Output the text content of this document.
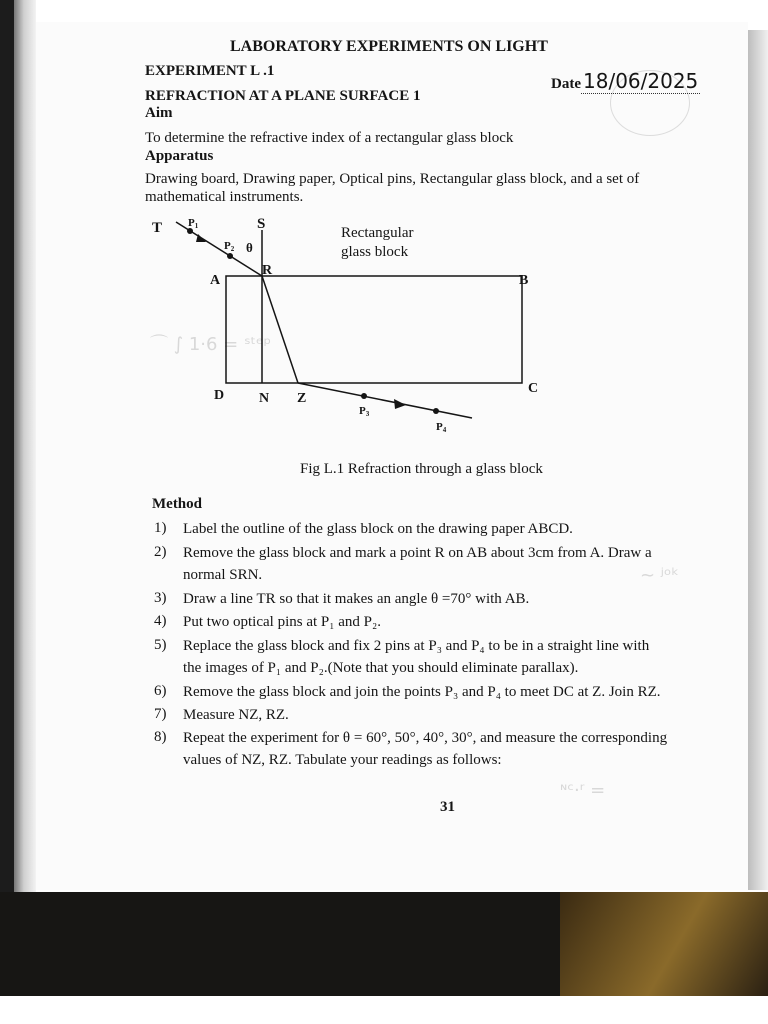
⌒ ∫ 1·6 = ˢᵗᵉᵖ
~ ʲᵒᵏ
ᶰᶜ·ʳ =
LABORATORY EXPERIMENTS ON LIGHT
EXPERIMENT L .1
REFRACTION AT A PLANE SURFACE 1
Date 18/06/2025
Aim
To determine the refractive index of a rectangular glass block
Apparatus
Drawing board, Drawing paper, Optical pins, Rectangular glass block, and a set of
mathematical instruments.
T P1	S
P2 θ
R
A	B
D N Z
C
P3
P4
Rectangular
glass block
Fig L.1 Refraction through a glass block
Method
1) Label the outline of the glass block on the drawing paper ABCD.
2) Remove the glass block and mark a point R on AB about 3cm from A. Draw a
normal SRN.
3) Draw a line TR so that it makes an angle θ =70° with AB.
4) Put two optical pins at P₁ and P₂.
5) Replace the glass block and fix 2 pins at P₃ and P₄ to be in a straight line with
the images of P₁ and P₂.(Note that you should eliminate parallax).
6) Remove the glass block and join the points P₃ and P₄ to meet DC at Z. Join RZ.
7) Measure NZ, RZ.
8) Repeat the experiment for θ = 60°, 50°, 40°, 30°, and measure the corresponding
values of NZ, RZ. Tabulate your readings as follows:
31
